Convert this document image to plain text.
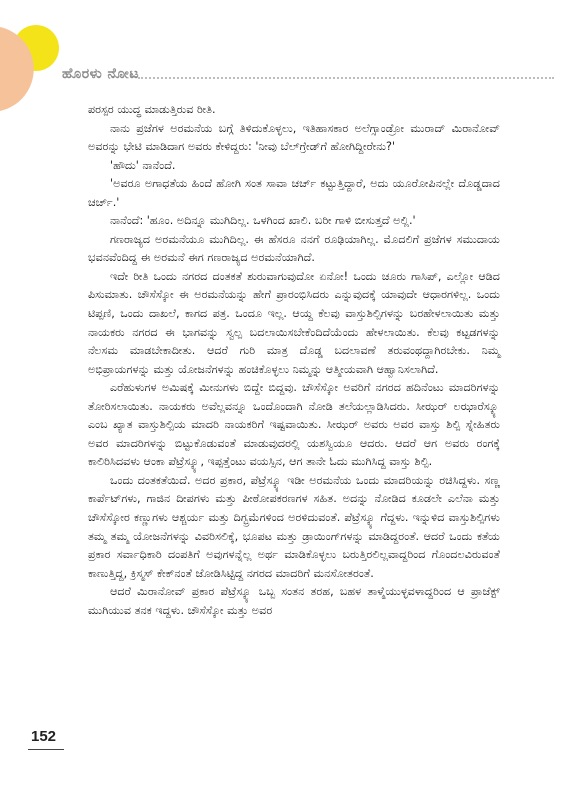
ಹೊರಳು ನೋಟ

ಪರಸ್ಪರ ಯುದ್ಧ ಮಾಡುತ್ತಿರುವ ರೀತಿ.

ನಾನು ಪ್ರಜೆಗಳ ಅರಮನೆಯ ಬಗ್ಗೆ ತಿಳಿದುಕೊಳ್ಳಲು, ಇತಿಹಾಸಕಾರ ಅಲೆಗ್ಸಾಂಡ್ರೋ ಮುರಾದ್ ಮಿರಾನೋವ್ ಅವರನ್ನು ಭೇಟಿ ಮಾಡಿದಾಗ ಅವರು ಕೇಳಿದ್ದರು: 'ನೀವು ಬೆಲ್‌ಗ್ರೇಡ್‌ಗೆ ಹೋಗಿದ್ದೀರೇನು?'

'ಹೌದು' ನಾನೆಂದೆ.

'ಅವರೂ ಅಗಾಧತೆಯ ಹಿಂದೆ ಹೋಗಿ ಸಂತ ಸಾವಾ ಚರ್ಚ್ ಕಟ್ಟುತ್ತಿದ್ದಾರೆ, ಅದು ಯೂರೋಪಿನಲ್ಲೇ ದೊಡ್ಡದಾದ ಚರ್ಚ್.'

ನಾನೆಂದೆ: 'ಹೂಂ. ಅದಿನ್ನೂ ಮುಗಿದಿಲ್ಲ. ಒಳಗಿಂದ ಖಾಲಿ. ಬರೀ ಗಾಳಿ ಬೀಸುತ್ತದೆ ಅಲ್ಲಿ.'

ಗಣರಾಜ್ಯದ ಅರಮನೆಯೂ ಮುಗಿದಿಲ್ಲ. ಈ ಹೆಸರೂ ನನಗೆ ರೂಢಿಯಾಗಿಲ್ಲ. ಮೊದಲಿಗೆ ಪ್ರಜೆಗಳ ಸಮುದಾಯ ಭವನವೆಂದಿದ್ದ ಈ ಅರಮನೆ ಈಗ ಗಣರಾಜ್ಯದ ಅರಮನೆಯಾಗಿದೆ.

ಇದೇ ರೀತಿ ಒಂದು ನಗರದ ದಂತಕತೆ ಶುರುವಾಗುವುದೋ ಏನೋ! ಒಂದು ಚೂರು ಗಾಸಿಪ್, ಎಲ್ಲೋ ಆಡಿದ ಪಿಸುಮಾತು. ಚೌಸೆಸ್ಕೋ ಈ ಅರಮನೆಯನ್ನು ಹೇಗೆ ಪ್ರಾರಂಭಿಸಿದರು ಎನ್ನುವುದಕ್ಕೆ ಯಾವುದೇ ಆಧಾರಗಳಿಲ್ಲ. ಒಂದು ಟಿಪ್ಪಣಿ, ಒಂದು ದಾಖಲೆ, ಕಾಗದ ಪತ್ರ. ಒಂದೂ ಇಲ್ಲ. ಆಯ್ದ ಕೆಲವು ವಾಸ್ತುಶಿಲ್ಪಿಗಳನ್ನು ಬರಹೇಳಲಾಯಿತು ಮತ್ತು ನಾಯಕರು ನಗರದ ಈ ಭಾಗವನ್ನು ಸ್ವಲ್ಪ ಬದಲಾಯಿಸಬೇಕೆಂದಿದೆಯೆಂದು ಹೇಳಲಾಯಿತು. ಕೆಲವು ಕಟ್ಟಡಗಳನ್ನು ನೆಲಸಮ ಮಾಡಬೇಕಾದೀತು. ಆದರೆ ಗುರಿ ಮಾತ್ರ ದೊಡ್ಡ ಬದಲಾವಣೆ ತರುವಂಥದ್ದಾಗಿರಬೇಕು. ನಿಮ್ಮ ಅಭಿಪ್ರಾಯಗಳನ್ನು ಮತ್ತು ಯೋಜನೆಗಳನ್ನು ಹಂಚಿಕೊಳ್ಳಲು ನಿಮ್ಮನ್ನು ಆತ್ಮೀಯವಾಗಿ ಆಹ್ವಾನಿಸಲಾಗಿದೆ.

ಎರೆಹುಳುಗಳ ಅಮಿಷಕ್ಕೆ ಮೀನುಗಳು ಬಿದ್ದೇ ಬಿದ್ದವು. ಚೌಸೆಸ್ಕೋ ಅವರಿಗೆ ನಗರದ ಹದಿನೆಂಟು ಮಾದರಿಗಳನ್ನು ತೋರಿಸಲಾಯಿತು. ನಾಯಕರು ಅವೆಲ್ಲವನ್ನೂ ಒಂದೊಂದಾಗಿ ನೋಡಿ ತಲೆಯಲ್ಲಾಡಿಸಿದರು. ಸೀಝರ್ ಲಝಾರೆಸ್ಕ್ಯೂ ಎಂಬ ಖ್ಯಾತ ವಾಸ್ತುಶಿಲ್ಪಿಯ ಮಾದರಿ ನಾಯಕರಿಗೆ ಇಷ್ಟವಾಯಿತು. ಸೀಝರ್ ಅವರು ಅವರ ವಾಸ್ತು ಶಿಲ್ಪಿ ಸ್ನೇಹಿತರು ಅವರ ಮಾದರಿಗಳನ್ನು ಬಿಟ್ಟುಕೊಡುವಂತೆ ಮಾಡುವುದರಲ್ಲಿ ಯಶಸ್ವಿಯೂ ಆದರು. ಆದರೆ ಆಗ ಅವರು ರಂಗಕ್ಕೆ ಕಾಲಿರಿಸಿದವಳು ಆಂಕಾ ಪೆಟ್ರೆಸ್ಕ್ಯೂ, ಇಪ್ಪತ್ತೆಂಟು ವಯಸ್ಸಿನ, ಆಗ ತಾನೇ ಓದು ಮುಗಿಸಿದ್ದ ವಾಸ್ತು ಶಿಲ್ಪಿ.

ಒಂದು ದಂತಕತೆಯಿದೆ. ಅದರ ಪ್ರಕಾರ, ಪೆಟ್ರೆಸ್ಕ್ಯೂ ಇಡೀ ಅರಮನೆಯ ಒಂದು ಮಾದರಿಯನ್ನು ರಚಿಸಿದ್ದಳು. ಸಣ್ಣ ಕಾರ್ಪೆಟ್‌ಗಳು, ಗಾಜಿನ ದೀಪಗಳು ಮತ್ತು ಪೀಠೋಪಕರಣಗಳ ಸಹಿತ. ಅದನ್ನು ನೋಡಿದ ಕೂಡಲೇ ಎಲೆನಾ ಮತ್ತು ಚೌಸೆಸ್ಕೋರ ಕಣ್ಣುಗಳು ಆಶ್ಚರ್ಯ ಮತ್ತು ದಿಗ್ಭ್ರಮೆಗಳಿಂದ ಅರಳಿದುವಂತೆ. ಪೆಟ್ರೆಸ್ಕ್ಯೂ ಗೆದ್ದಳು. ಇನ್ನುಳಿದ ವಾಸ್ತುಶಿಲ್ಪಿಗಳು ತಮ್ಮ ತಮ್ಮ ಯೋಜನೆಗಳನ್ನು ವಿವರಿಸಲಿಕ್ಕೆ, ಭೂಪಟ ಮತ್ತು ಡ್ರಾಯಿಂಗ್‌ಗಳನ್ನು ಮಾಡಿದ್ದರಂತೆ. ಆದರೆ ಒಂದು ಕತೆಯ ಪ್ರಕಾರ ಸರ್ವಾಧಿಕಾರಿ ದಂಪತಿಗೆ ಅವುಗಳನ್ನೆಲ್ಲ ಅರ್ಥ ಮಾಡಿಕೊಳ್ಳಲು ಬರುತ್ತಿರಲಿಲ್ಲವಾದ್ದರಿಂದ ಗೊಂದಲವಿರುವಂತೆ ಕಾಣುತ್ತಿದ್ದ, ಕ್ರಿಸ್ಮಸ್ ಕೇಕ್‌ನಂತೆ ಜೋಡಿಸಿಟ್ಟಿದ್ದ ನಗರದ ಮಾದರಿಗೆ ಮನಸೋತರಂತೆ.

ಆದರೆ ಮಿರಾನೋವ್ ಪ್ರಕಾರ ಪೆಟ್ರೆಸ್ಕ್ಯೂ ಒಬ್ಬ ಸಂತನ ತರಹ, ಬಹಳ ತಾಳ್ಮೆಯುಳ್ಳವಳಾದ್ದರಿಂದ ಆ ಪ್ರಾಜೆಕ್ಟ್ ಮುಗಿಯುವ ತನಕ ಇದ್ದಳು. ಚೌಸೆಸ್ಕೋ ಮತ್ತು ಅವರ

152
